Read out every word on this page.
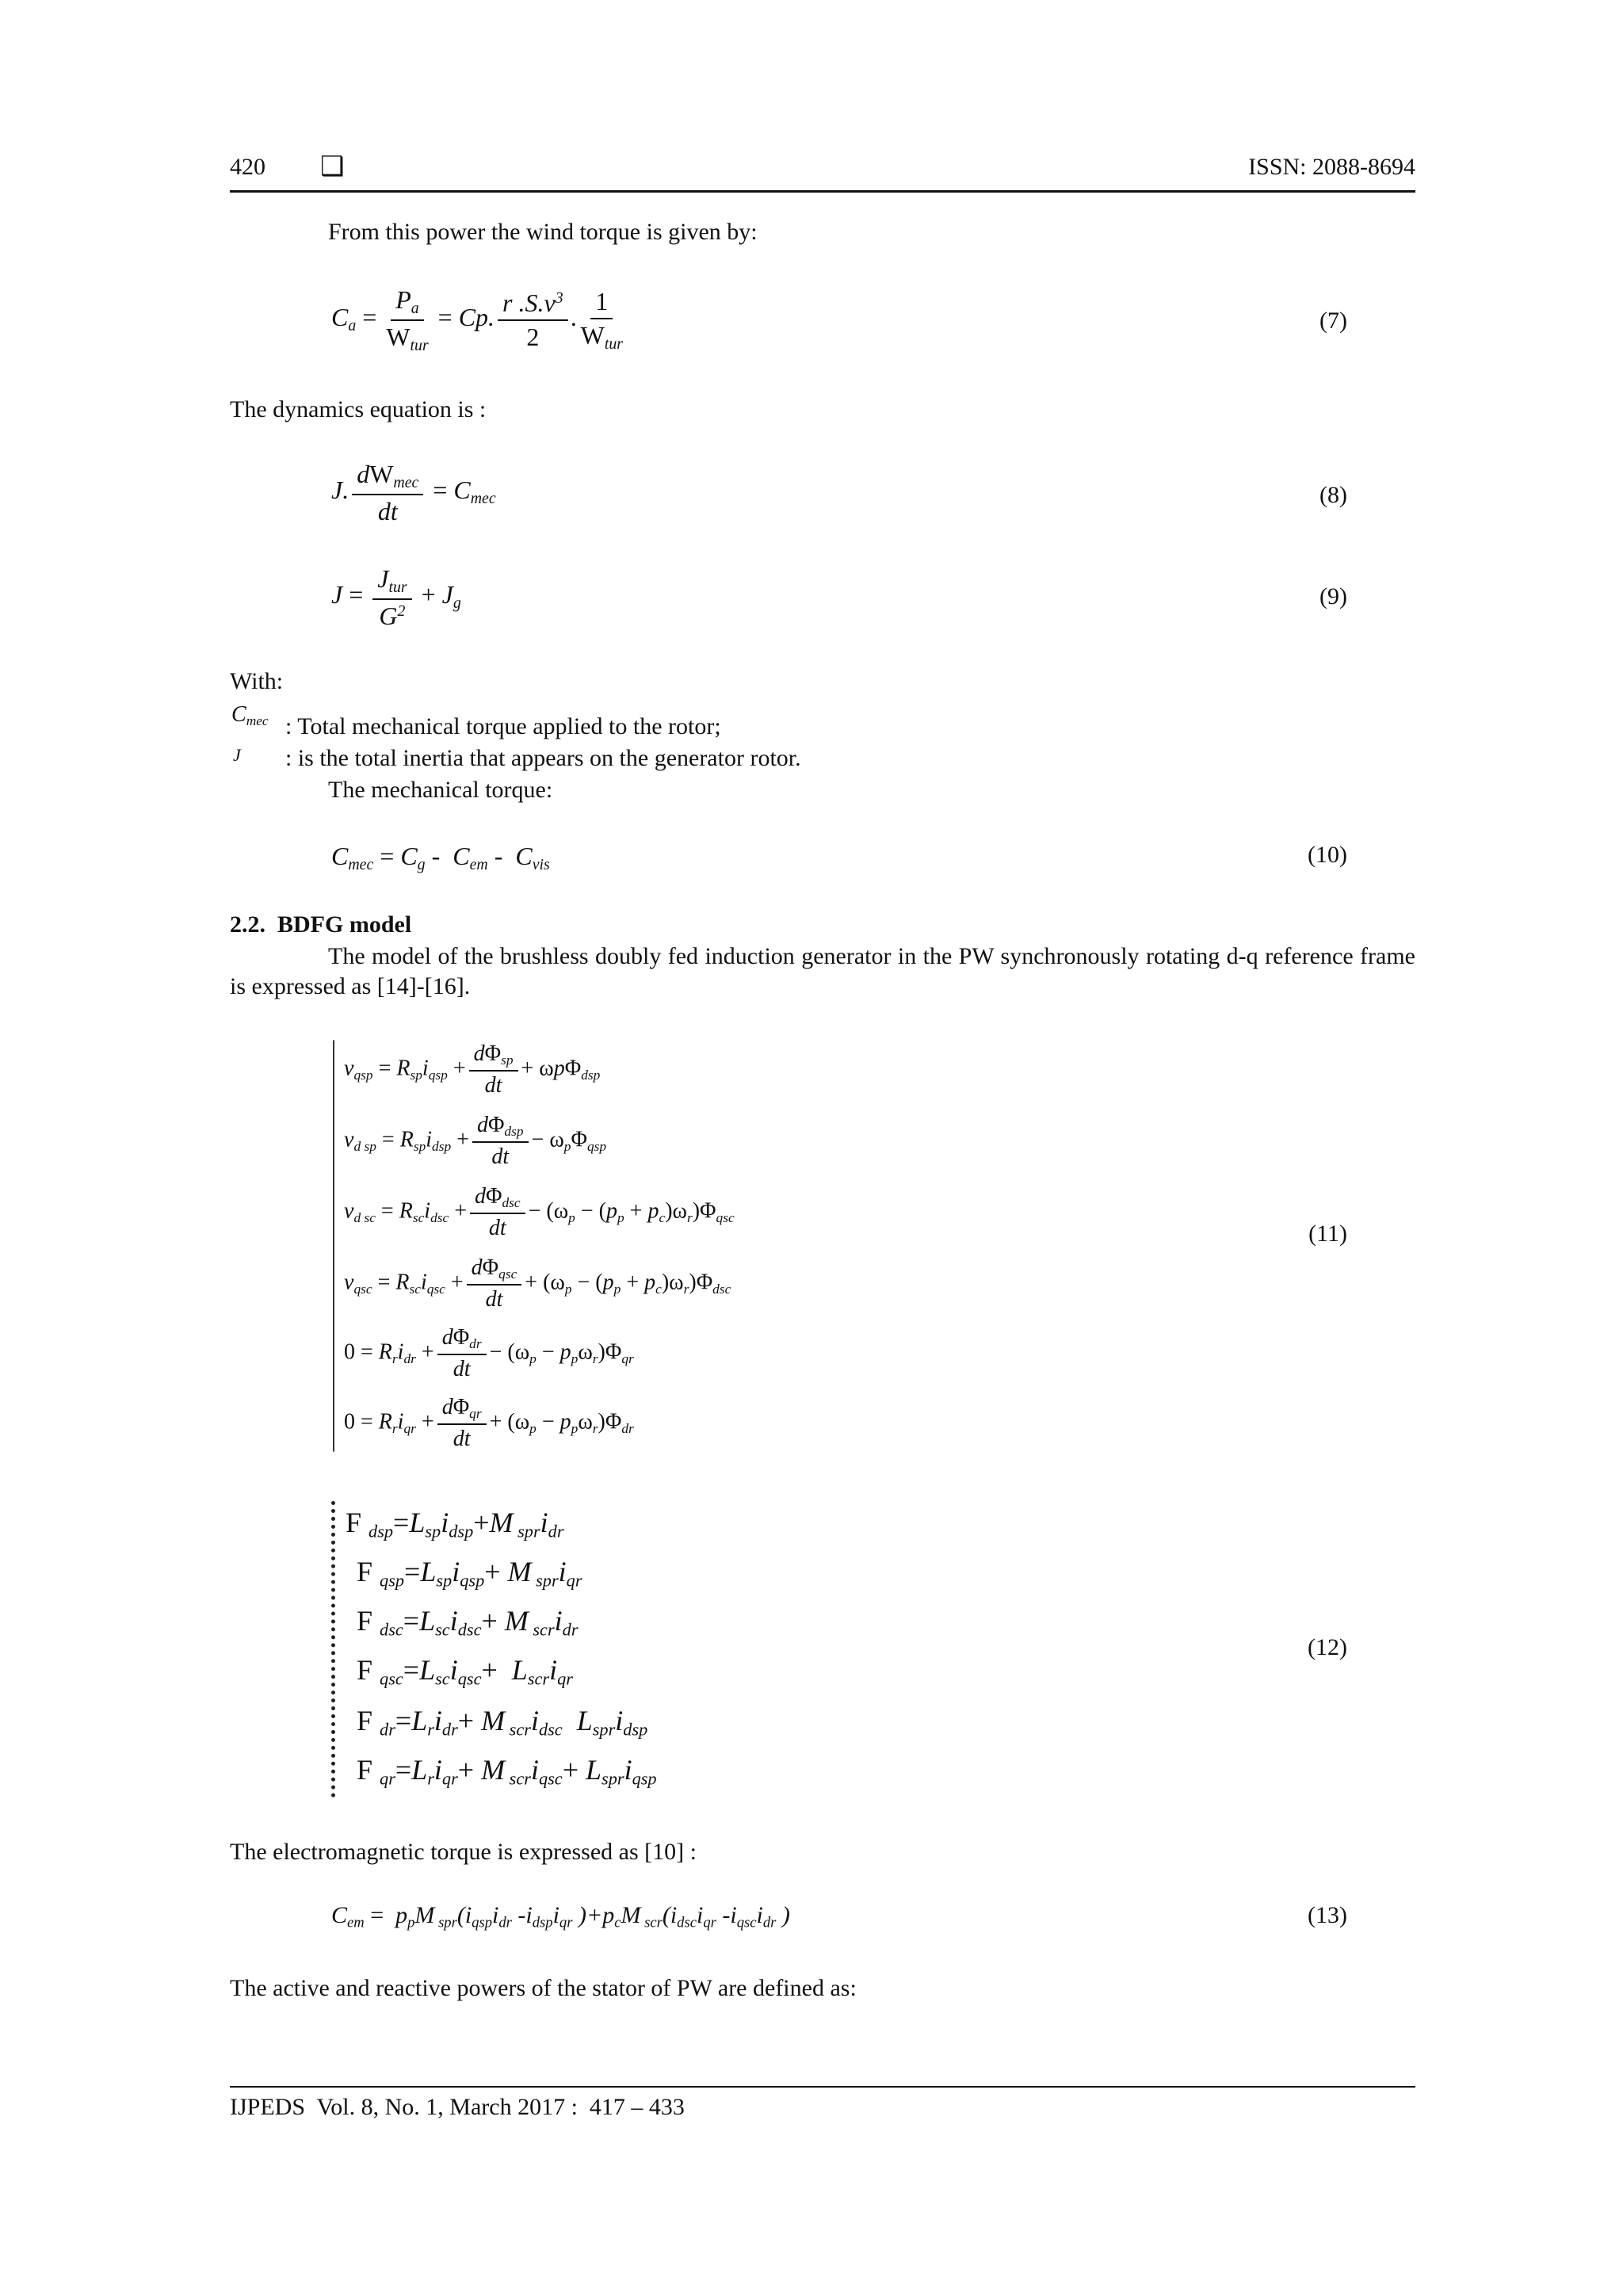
420 ❑	ISSN: 2088-8694
From this power the wind torque is given by:
$C_a = \frac{P_a}{W_{tur}} = Cp$. $\frac{r .S.v^3}{2}$ . $\frac{1}{W_{tur}}$	(7)
The dynamics equation is :
J. $\frac{dW_{mec}}{dt} = C_{mec}$	(8)
$J = \frac{J_{tur}}{G^2} + J_g$	(9)
With:
$C_{mec}$ : Total mechanical torque applied to the rotor;
J : is the total inertia that appears on the generator rotor.
The mechanical torque:
$C_{mec} = C_g - C_{em} - C_{vis}$	(10)
2.2. BDFG model
The model of the brushless doubly fed induction generator in the PW synchronously rotating d-q reference frame is expressed as [14]-[16].
$v_{qsp} = R_{sp}i_{qsp} + \frac{d\Phi_{sp}}{dt} + \omega p\Phi_{dsp}$
$v_{d sp} = R_{sp}i_{dsp} + \frac{d\Phi_{dsp}}{dt} - \omega_p\Phi_{qsp}$
$v_{d sc} = R_{sc}i_{dsc} + \frac{d\Phi_{dsc}}{dt} - (\omega_p - (p_p + p_c)\omega_r)\Phi_{qsc}$
$v_{qsc} = R_{sc}i_{qsc} + \frac{d\Phi_{qsc}}{dt} + (\omega_p - (p_p + p_c)\omega_r)\Phi_{dsc}$
$0 = R_ri_{dr} + \frac{d\Phi_{dr}}{dt} - (\omega_p - p_p\omega_r)\Phi_{qr}$
$0 = R_ri_{qr} + \frac{d\Phi_{qr}}{dt} + (\omega_p - p_p\omega_r)\Phi_{dr}$
(11)
F $_{dsp}=L_{sp}i_{dsp}+M$ $_{spr}i_{dr}$
F $_{qsp}=L_{sp}i_{qsp}+ M$ $_{spr}i_{qr}$
F $_{dsc}=L_{sc}i_{dsc}+ M$ $_{scr}i_{dr}$
F $_{qsc}=L_{sc}i_{qsc}+ L_{scr}i_{qr}$
F $_{dr}=L_ri_{dr}+ M$ $_{scr}i_{dsc}$  $L_{spr}i_{dsp}$
F $_{qr}=L_ri_{qr}+ M$ $_{scr}i_{qsc}+ L_{spr}i_{qsp}$
(12)
The electromagnetic torque is expressed as [10] :
$C_{em} = p_pM$ $_{spr}(i_{qsp}i_{dr}$ $-i_{dsp}i_{qr}$ )$+p_cM$ $_{scr}(i_{dsc}i_{qr}$ $-i_{qsc}i_{dr}$ )	(13)
The active and reactive powers of the stator of PW are defined as:
IJPEDS  Vol. 8, No. 1, March 2017 :  417 – 433
